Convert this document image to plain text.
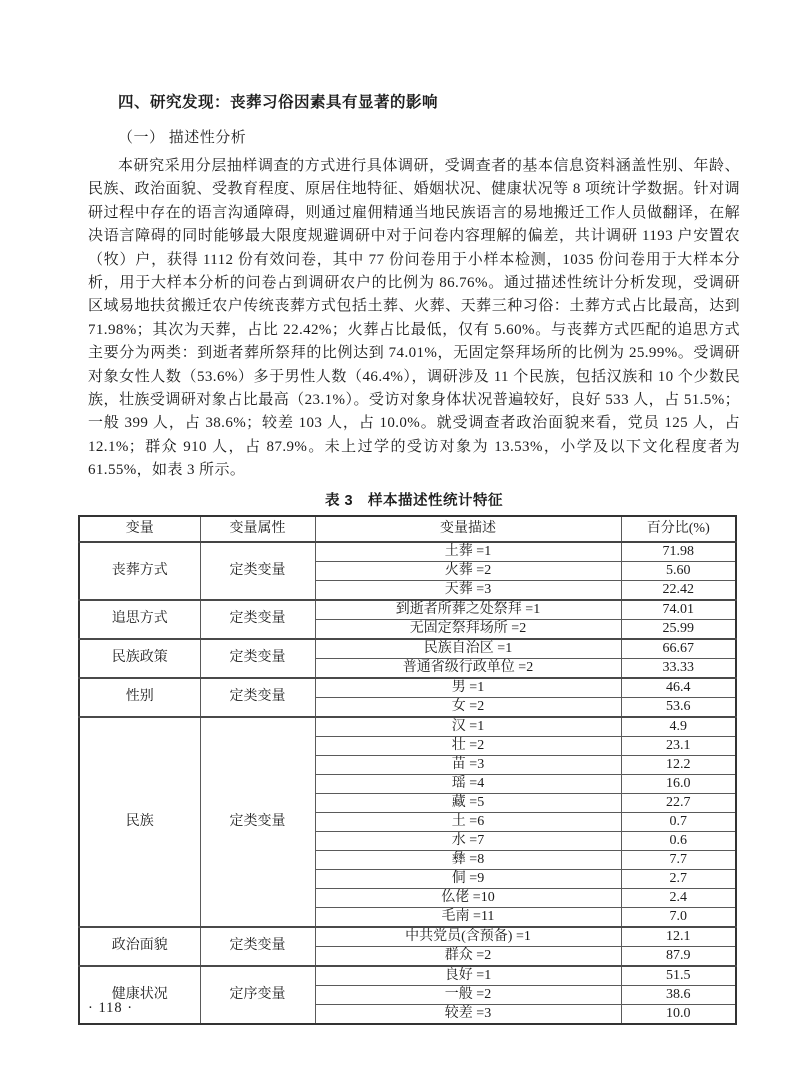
四、研究发现：丧葬习俗因素具有显著的影响
（一） 描述性分析

本研究采用分层抽样调查的方式进行具体调研，受调查者的基本信息资料涵盖性别、年龄、民族、政治面貌、受教育程度、原居住地特征、婚姻状况、健康状况等 8 项统计学数据。针对调研过程中存在的语言沟通障碍，则通过雇佣精通当地民族语言的易地搬迁工作人员做翻译，在解决语言障碍的同时能够最大限度规避调研中对于问卷内容理解的偏差，共计调研 1193 户安置农（牧）户，获得 1112 份有效问卷，其中 77 份问卷用于小样本检测，1035 份问卷用于大样本分析，用于大样本分析的问卷占到调研农户的比例为 86.76%。通过描述性统计分析发现，受调研区域易地扶贫搬迁农户传统丧葬方式包括土葬、火葬、天葬三种习俗：土葬方式占比最高，达到 71.98%；其次为天葬，占比 22.42%；火葬占比最低，仅有 5.60%。与丧葬方式匹配的追思方式主要分为两类：到逝者葬所祭拜的比例达到 74.01%，无固定祭拜场所的比例为 25.99%。受调研对象女性人数（53.6%）多于男性人数（46.4%），调研涉及 11 个民族，包括汉族和 10 个少数民族，壮族受调研对象占比最高（23.1%）。受访对象身体状况普遍较好，良好 533 人，占 51.5%；一般 399 人，占 38.6%；较差 103 人，占 10.0%。就受调查者政治面貌来看，党员 125 人，占 12.1%；群众 910 人，占 87.9%。未上过学的受访对象为 13.53%，小学及以下文化程度者为 61.55%，如表 3 所示。

表 3　样本描述性统计特征
变量	变量属性	变量描述	百分比(%)
丧葬方式	定类变量	土葬 =1	71.98
		火葬 =2	5.60
		天葬 =3	22.42
追思方式	定类变量	到逝者所葬之处祭拜 =1	74.01
		无固定祭拜场所 =2	25.99
民族政策	定类变量	民族自治区 =1	66.67
		普通省级行政单位 =2	33.33
性别	定类变量	男 =1	46.4
		女 =2	53.6
民族	定类变量	汉 =1	4.9
		壮 =2	23.1
		苗 =3	12.2
		瑶 =4	16.0
		藏 =5	22.7
		土 =6	0.7
		水 =7	0.6
		彝 =8	7.7
		侗 =9	2.7
		仫佬 =10	2.4
		毛南 =11	7.0
政治面貌	定类变量	中共党员(含预备) =1	12.1
		群众 =2	87.9
健康状况	定序变量	良好 =1	51.5
		一般 =2	38.6
		较差 =3	10.0
· 118 ·
